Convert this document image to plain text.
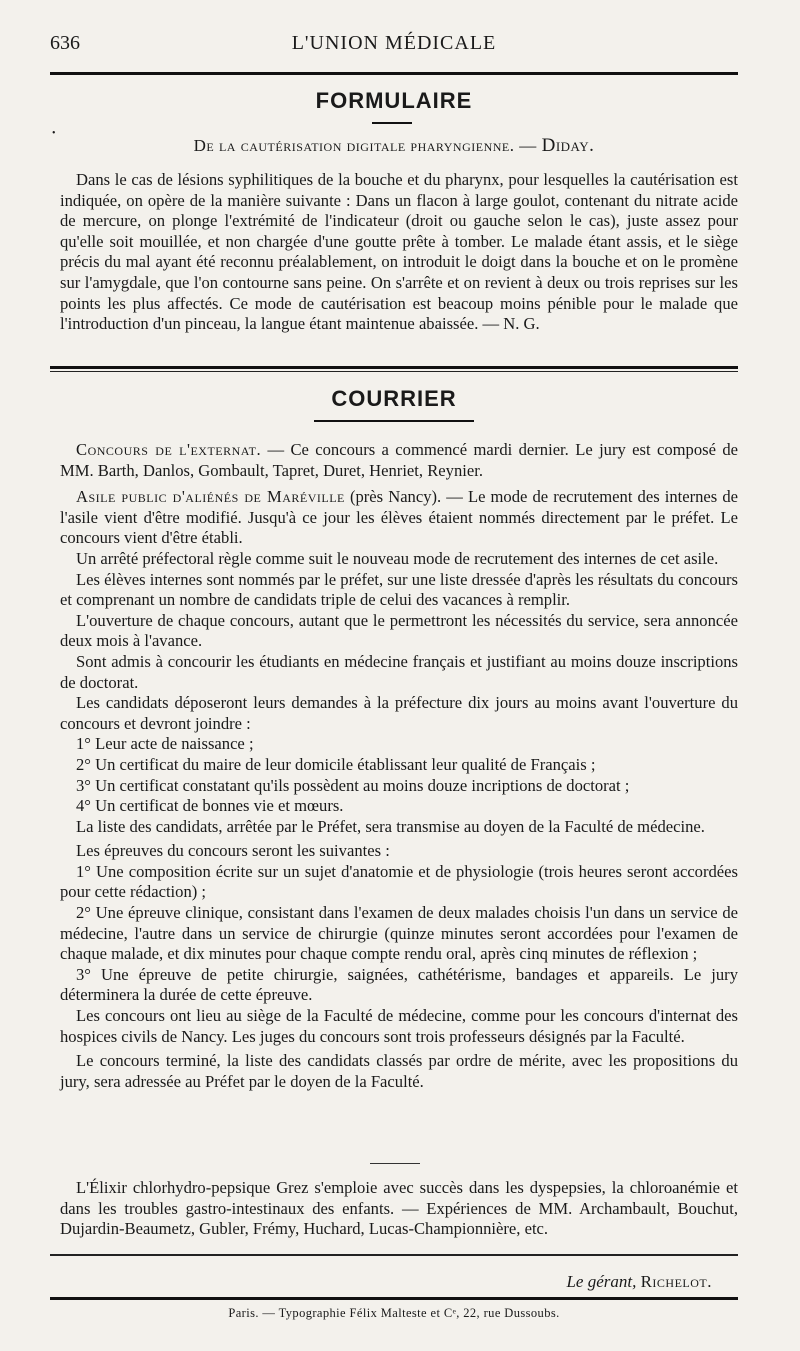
636	L'UNION MÉDICALE
FORMULAIRE
•
De la cautérisation digitale pharyngienne. — Diday.

Dans le cas de lésions syphilitiques de la bouche et du pharynx, pour lesquelles la cautérisation est indiquée, on opère de la manière suivante : Dans un flacon à large goulot, contenant du nitrate acide de mercure, on plonge l'extrémité de l'indicateur (droit ou gauche selon le cas), juste assez pour qu'elle soit mouillée, et non chargée d'une goutte prête à tomber. Le malade étant assis, et le siège précis du mal ayant été reconnu préalablement, on introduit le doigt dans la bouche et on le promène sur l'amygdale, que l'on contourne sans peine. On s'arrête et on revient à deux ou trois reprises sur les points les plus affectés. Ce mode de cautérisation est beacoup moins pénible pour le malade que l'introduction d'un pinceau, la langue étant maintenue abaissée. — N. G.

COURRIER

Concours de l'externat. — Ce concours a commencé mardi dernier. Le jury est composé de MM. Barth, Danlos, Gombault, Tapret, Duret, Henriet, Reynier.

Asile public d'aliénés de Maréville (près Nancy). — Le mode de recrutement des internes de l'asile vient d'être modifié. Jusqu'à ce jour les élèves étaient nommés directement par le préfet. Le concours vient d'être établi.

Un arrêté préfectoral règle comme suit le nouveau mode de recrutement des internes de cet asile.

Les élèves internes sont nommés par le préfet, sur une liste dressée d'après les résultats du concours et comprenant un nombre de candidats triple de celui des vacances à remplir.

L'ouverture de chaque concours, autant que le permettront les nécessités du service, sera annoncée deux mois à l'avance.

Sont admis à concourir les étudiants en médecine français et justifiant au moins douze inscriptions de doctorat.

Les candidats déposeront leurs demandes à la préfecture dix jours au moins avant l'ouverture du concours et devront joindre :

1° Leur acte de naissance ;

2° Un certificat du maire de leur domicile établissant leur qualité de Français ;

3° Un certificat constatant qu'ils possèdent au moins douze incriptions de doctorat ;

4° Un certificat de bonnes vie et mœurs.

La liste des candidats, arrêtée par le Préfet, sera transmise au doyen de la Faculté de médecine.

Les épreuves du concours seront les suivantes :

1° Une composition écrite sur un sujet d'anatomie et de physiologie (trois heures seront accordées pour cette rédaction) ;

2° Une épreuve clinique, consistant dans l'examen de deux malades choisis l'un dans un service de médecine, l'autre dans un service de chirurgie (quinze minutes seront accordées pour l'examen de chaque malade, et dix minutes pour chaque compte rendu oral, après cinq minutes de réflexion ;

3° Une épreuve de petite chirurgie, saignées, cathétérisme, bandages et appareils. Le jury déterminera la durée de cette épreuve.

Les concours ont lieu au siège de la Faculté de médecine, comme pour les concours d'internat des hospices civils de Nancy. Les juges du concours sont trois professeurs désignés par la Faculté.

Le concours terminé, la liste des candidats classés par ordre de mérite, avec les propositions du jury, sera adressée au Préfet par le doyen de la Faculté.

L'Élixir chlorhydro-pepsique Grez s'emploie avec succès dans les dyspepsies, la chloroanémie et dans les troubles gastro-intestinaux des enfants. — Expériences de MM. Archambault, Bouchut, Dujardin-Beaumetz, Gubler, Frémy, Huchard, Lucas-Championnière, etc.

Le gérant, Richelot.
Paris. — Typographie Félix Malteste et Cᵉ, 22, rue Dussoubs.
